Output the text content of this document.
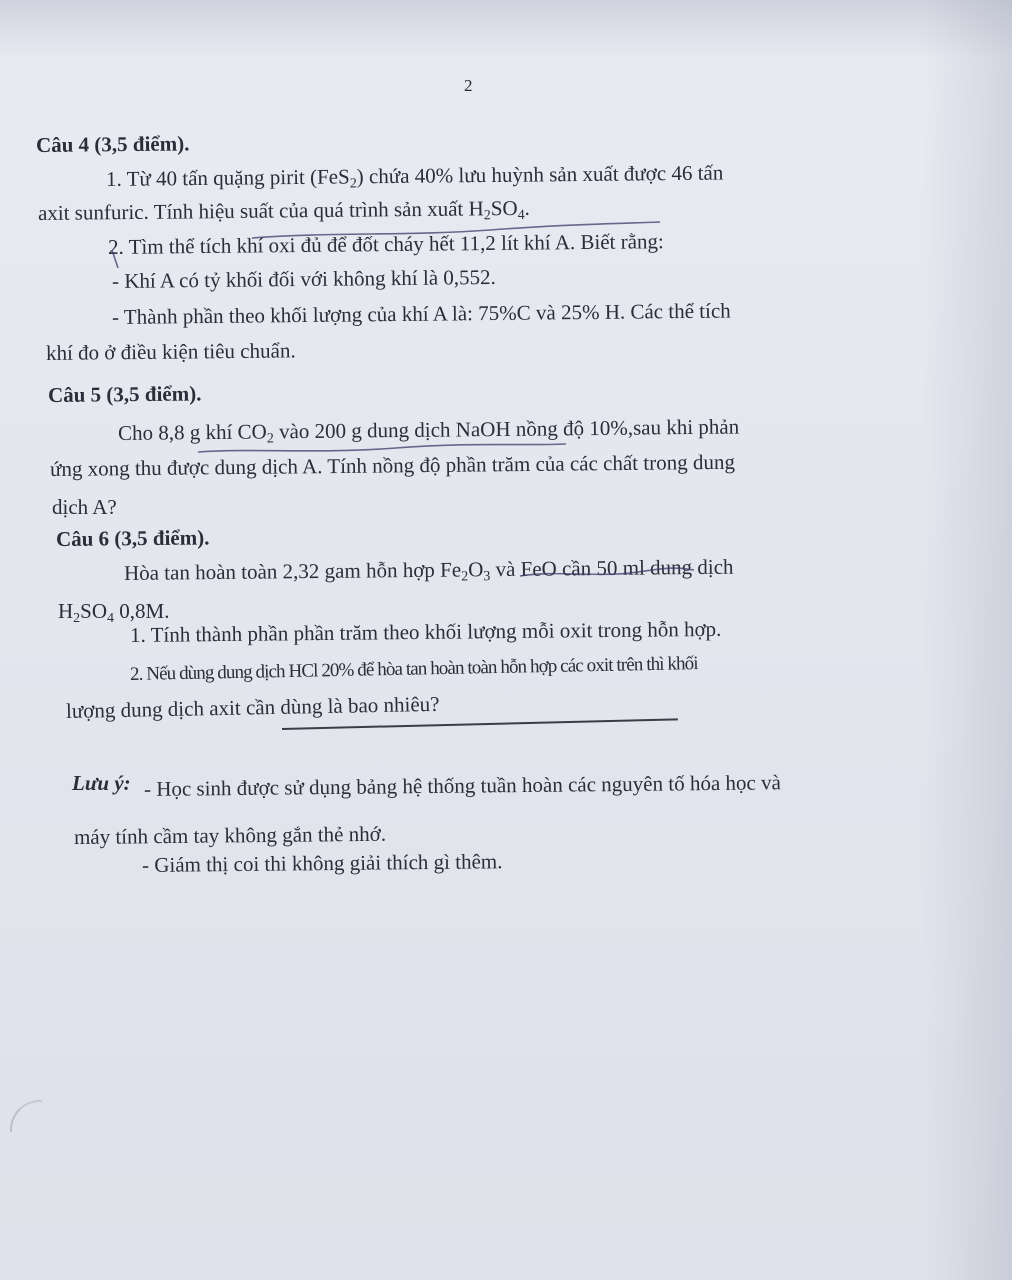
2
Câu 4 (3,5 điểm).
1. Từ 40 tấn quặng pirit (FeS$_2$) chứa 40% lưu huỳnh sản xuất được 46 tấn
axit sunfuric. Tính hiệu suất của quá trình sản xuất $H_2SO_4$.
2. Tìm thể tích khí oxi đủ để đốt cháy hết 11,2 lít khí A. Biết rằng:
- Khí A có tỷ khối đối với không khí là 0,552.
- Thành phần theo khối lượng của khí A là: 75%C và 25% H. Các thể tích
khí đo ở điều kiện tiêu chuẩn.
Câu 5 (3,5 điểm).
Cho 8,8 g khí $CO_2$ vào 200 g dung dịch NaOH nồng độ 10%,sau khi phản
ứng xong thu được dung dịch A. Tính nồng độ phần trăm của các chất trong dung
dịch A?
Câu 6 (3,5 điểm).
Hòa tan hoàn toàn 2,32 gam hỗn hợp $Fe_2O_3$ và FeO cần 50 ml dung dịch
$H_2SO_4$ 0,8M.
1. Tính thành phần phần trăm theo khối lượng mỗi oxit trong hỗn hợp.
2. Nếu dùng dung dịch HCl 20% để hòa tan hoàn toàn hỗn hợp các oxit trên thì khối
lượng dung dịch axit cần dùng là bao nhiêu?
Lưu ý: - Học sinh được sử dụng bảng hệ thống tuần hoàn các nguyên tố hóa học và
máy tính cầm tay không gắn thẻ nhớ.
- Giám thị coi thi không giải thích gì thêm.
